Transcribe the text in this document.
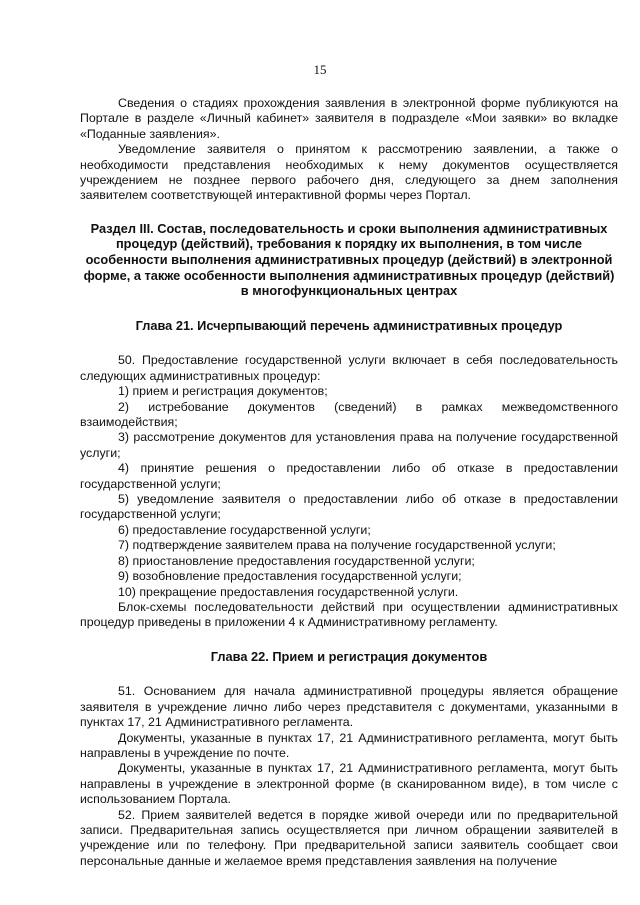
15

Сведения о стадиях прохождения заявления в электронной форме публикуются на Портале в разделе «Личный кабинет» заявителя в подразделе «Мои заявки» во вкладке «Поданные заявления».

Уведомление заявителя о принятом к рассмотрению заявлении, а также о необходимости представления необходимых к нему документов осуществляется учреждением не позднее первого рабочего дня, следующего за днем заполнения заявителем соответствующей интерактивной формы через Портал.

Раздел III. Состав, последовательность и сроки выполнения административных процедур (действий), требования к порядку их выполнения, в том числе особенности выполнения административных процедур (действий) в электронной форме, а также особенности выполнения административных процедур (действий) в многофункциональных центрах
Глава 21. Исчерпывающий перечень административных процедур

50. Предоставление государственной услуги включает в себя последовательность следующих административных процедур:

1) прием и регистрация документов;
2) истребование документов (сведений) в рамках межведомственного взаимодействия;
3) рассмотрение документов для установления права на получение государственной услуги;
4) принятие решения о предоставлении либо об отказе в предоставлении государственной услуги;
5) уведомление заявителя о предоставлении либо об отказе в предоставлении государственной услуги;
6) предоставление государственной услуги;
7) подтверждение заявителем права на получение государственной услуги;
8) приостановление предоставления государственной услуги;
9) возобновление предоставления государственной услуги;
10) прекращение предоставления государственной услуги.

Блок-схемы последовательности действий при осуществлении административных процедур приведены в приложении 4 к Административному регламенту.

Глава 22. Прием и регистрация документов

51. Основанием для начала административной процедуры является обращение заявителя в учреждение лично либо через представителя с документами, указанными в пунктах 17, 21 Административного регламента.

Документы, указанные в пунктах 17, 21 Административного регламента, могут быть направлены в учреждение по почте.

Документы, указанные в пунктах 17, 21 Административного регламента, могут быть направлены в учреждение в электронной форме (в сканированном виде), в том числе с использованием Портала.

52. Прием заявителей ведется в порядке живой очереди или по предварительной записи. Предварительная запись осуществляется при личном обращении заявителей в учреждение или по телефону. При предварительной записи заявитель сообщает свои персональные данные и желаемое время представления заявления на получение
